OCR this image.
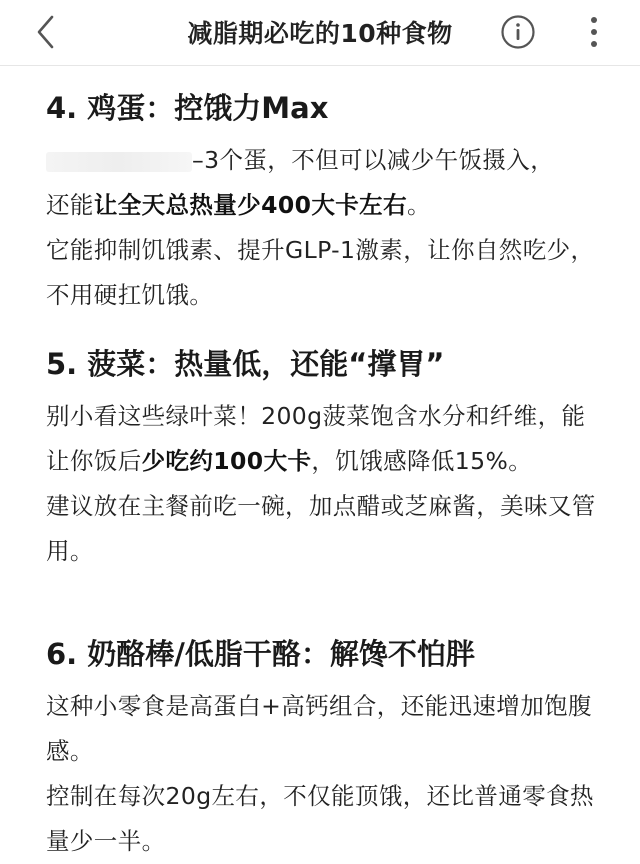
减脂期必吃的10种食物
4. 鸡蛋：控饿力Max
–3个蛋，不但可以减少午饭摄入，
还能让全天总热量少400大卡左右。
它能抑制饥饿素、提升GLP-1激素，让你自然吃少，不用硬扛饥饿。
5. 菠菜：热量低，还能“撑胃”
别小看这些绿叶菜！200g菠菜饱含水分和纤维，能让你饭后少吃约100大卡，饥饿感降低15%。
建议放在主餐前吃一碗，加点醋或芝麻酱，美味又管用。
6. 奶酪棒/低脂干酪：解馋不怕胖
这种小零食是高蛋白+高钙组合，还能迅速增加饱腹感。
控制在每次20g左右，不仅能顶饿，还比普通零食热量少一半。
